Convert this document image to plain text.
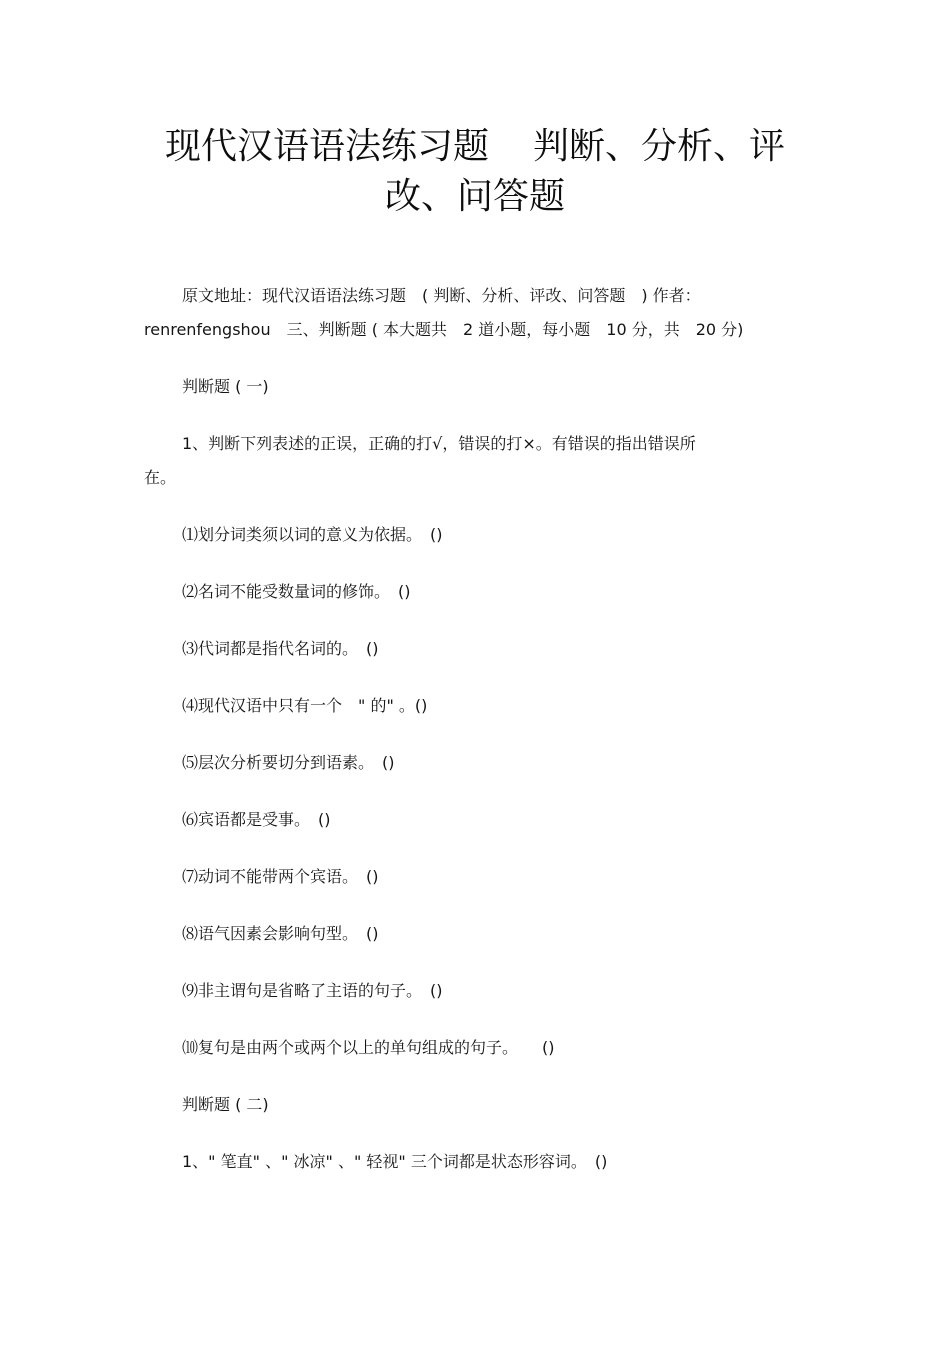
现代汉语语法练习题 判断、分析、评
改、问答题

原文地址：现代汉语语法练习题　( 判断、分析、评改、问答题　) 作者：

renrenfengshou　三、判断题 ( 本大题共　2 道小题，每小题　10 分，共　20 分)

判断题 ( 一)

1、判断下列表述的正误，正确的打√，错误的打×。有错误的指出错误所

在。

⑴划分词类须以词的意义为依据。　()

⑵名词不能受数量词的修饰。　()

⑶代词都是指代名词的。　()

⑷现代汉语中只有一个　" 的" 。()

⑸层次分析要切分到语素。　()

⑹宾语都是受事。　()

⑺动词不能带两个宾语。　()

⑻语气因素会影响句型。　()

⑼非主谓句是省略了主语的句子。　()

⑽复句是由两个或两个以上的单句组成的句子。　　()

判断题 ( 二)

1、" 笔直" 、" 冰凉" 、" 轻视" 三个词都是状态形容词。　()
